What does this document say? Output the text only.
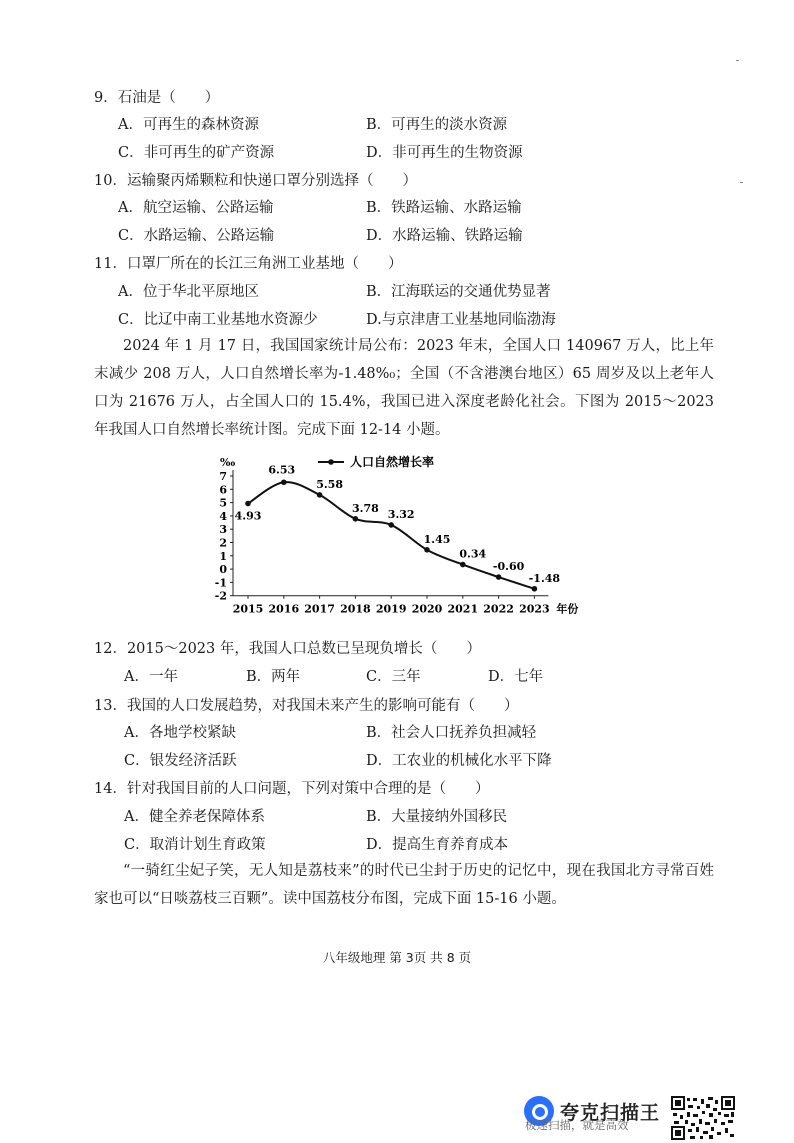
9．石油是（　　）
A．可再生的森林资源	B．可再生的淡水资源
C．非可再生的矿产资源	D．非可再生的生物资源
10．运输聚丙烯颗粒和快递口罩分别选择（　　）
A．航空运输、公路运输	B．铁路运输、水路运输
C．水路运输、公路运输	D．水路运输、铁路运输
11．口罩厂所在的长江三角洲工业基地（　　）
A．位于华北平原地区	B．江海联运的交通优势显著
C．比辽中南工业基地水资源少	D.与京津唐工业基地同临渤海

2024 年 1 月 17 日，我国国家统计局公布：2023 年末，全国人口 140967 万人，比上年末减少 208 万人，人口自然增长率为-1.48%₀；全国（不含港澳台地区）65 周岁及以上老年人口为 21676 万人，占全国人口的 15.4%，我国已进入深度老龄化社会。下图为 2015～2023 年我国人口自然增长率统计图。完成下面 12-14 小题。

‰
7
6
5
4
3
2
1
0
-1
-2
2015 2016 2017 2018 2019 2020 2021 2022 2023 年份
4.93
6.53
5.58
3.78 3.32
1.45
0.34
-0.60
-1.48
人口自然增长率
12．2015～2023 年，我国人口总数已呈现负增长（　　）
A．一年	B．两年	C．三年	D．七年
13．我国的人口发展趋势，对我国未来产生的影响可能有（　　）
A．各地学校紧缺	B．社会人口抚养负担减轻
C．银发经济活跃	D．工农业的机械化水平下降
14．针对我国目前的人口问题，下列对策中合理的是（　　）
A．健全养老保障体系	B．大量接纳外国移民
C．取消计划生育政策	D．提高生育养育成本

“一骑红尘妃子笑，无人知是荔枝来”的时代已尘封于历史的记忆中，现在我国北方寻常百姓家也可以“日啖荔枝三百颗”。读中国荔枝分布图，完成下面 15-16 小题。

八年级地理 第 3页 共 8 页
夸克扫描王
极速扫描，就是高效
